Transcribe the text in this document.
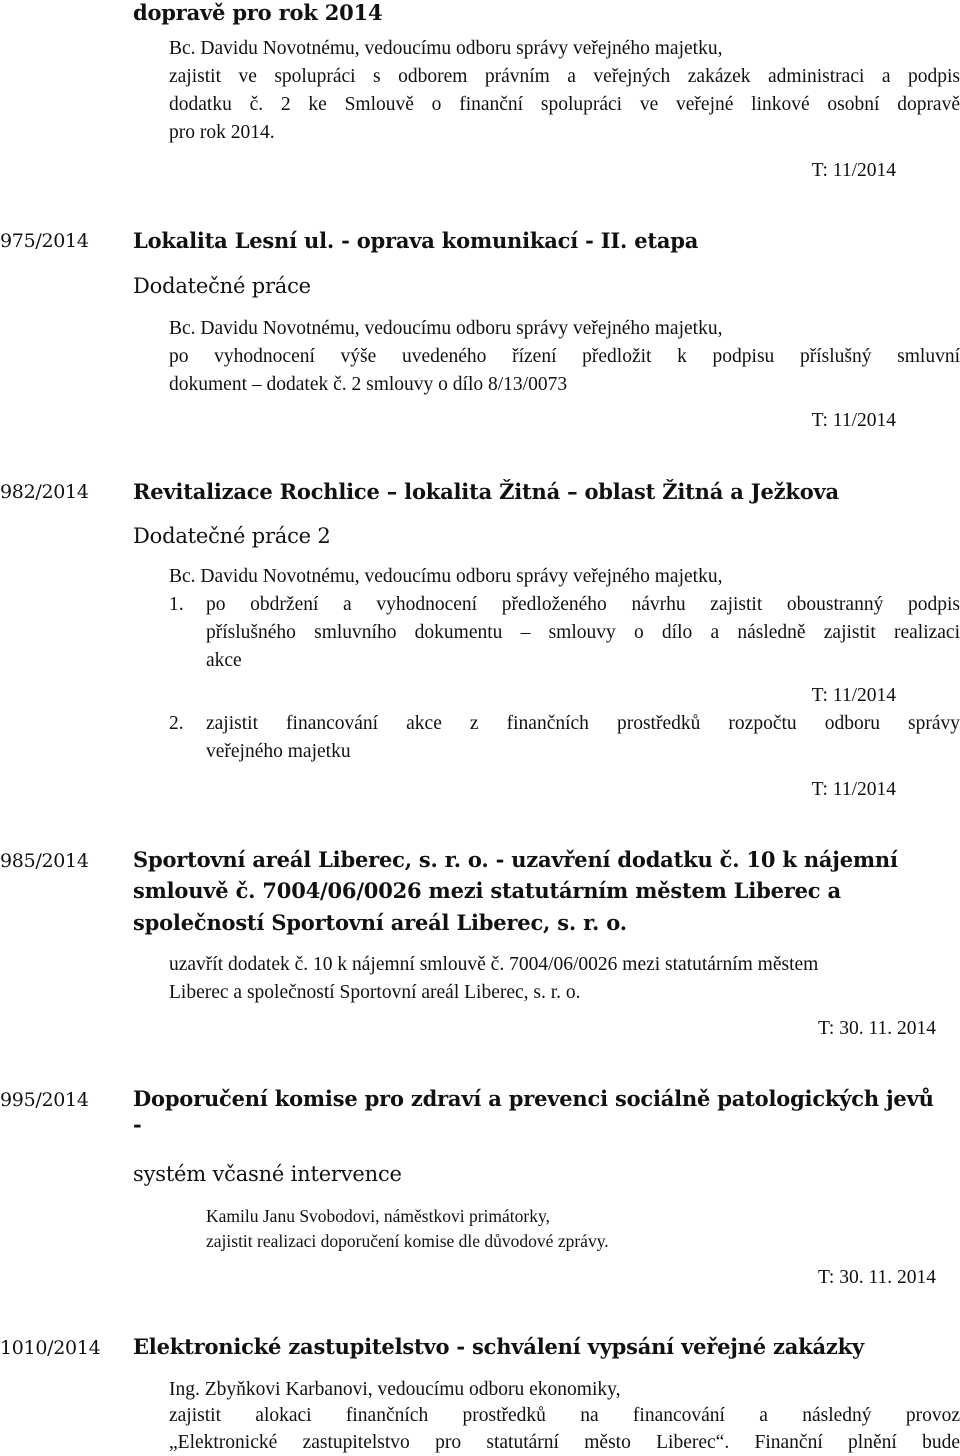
dopravě pro rok 2014
Bc. Davidu Novotnému, vedoucímu odboru správy veřejného majetku,
zajistit ve spolupráci s odborem právním a veřejných zakázek administraci a podpis
dodatku č. 2 ke Smlouvě o finanční spolupráci ve veřejné linkové osobní dopravě
pro rok 2014.
T: 11/2014
975/2014 Lokalita Lesní ul. - oprava komunikací - II. etapa
Dodatečné práce
Bc. Davidu Novotnému, vedoucímu odboru správy veřejného majetku,
po vyhodnocení výše uvedeného řízení předložit k podpisu příslušný smluvní
dokument – dodatek č. 2 smlouvy o dílo 8/13/0073
T: 11/2014
982/2014 Revitalizace Rochlice – lokalita Žitná – oblast Žitná a Ježkova
Dodatečné práce 2
Bc. Davidu Novotnému, vedoucímu odboru správy veřejného majetku,
1. po obdržení a vyhodnocení předloženého návrhu zajistit oboustranný podpis
příslušného smluvního dokumentu – smlouvy o dílo a následně zajistit realizaci
akce
T: 11/2014
2. zajistit financování akce z finančních prostředků rozpočtu odboru správy
veřejného majetku
T: 11/2014
985/2014 Sportovní areál Liberec, s. r. o. - uzavření dodatku č. 10 k nájemní
smlouvě č. 7004/06/0026 mezi statutárním městem Liberec a
společností Sportovní areál Liberec, s. r. o.
uzavřít dodatek č. 10 k nájemní smlouvě č. 7004/06/0026 mezi statutárním městem
Liberec a společností Sportovní areál Liberec, s. r. o.
T: 30. 11. 2014
995/2014 Doporučení komise pro zdraví a prevenci sociálně patologických jevů
-
systém včasné intervence
Kamilu Janu Svobodovi, náměstkovi primátorky,
zajistit realizaci doporučení komise dle důvodové zprávy.
T: 30. 11. 2014
1010/2014 Elektronické zastupitelstvo - schválení vypsání veřejné zakázky
Ing. Zbyňkovi Karbanovi, vedoucímu odboru ekonomiky,
zajistit alokaci finančních prostředků na financování a následný provoz
„Elektronické zastupitelstvo pro statutární město Liberec“. Finanční plnění bude
